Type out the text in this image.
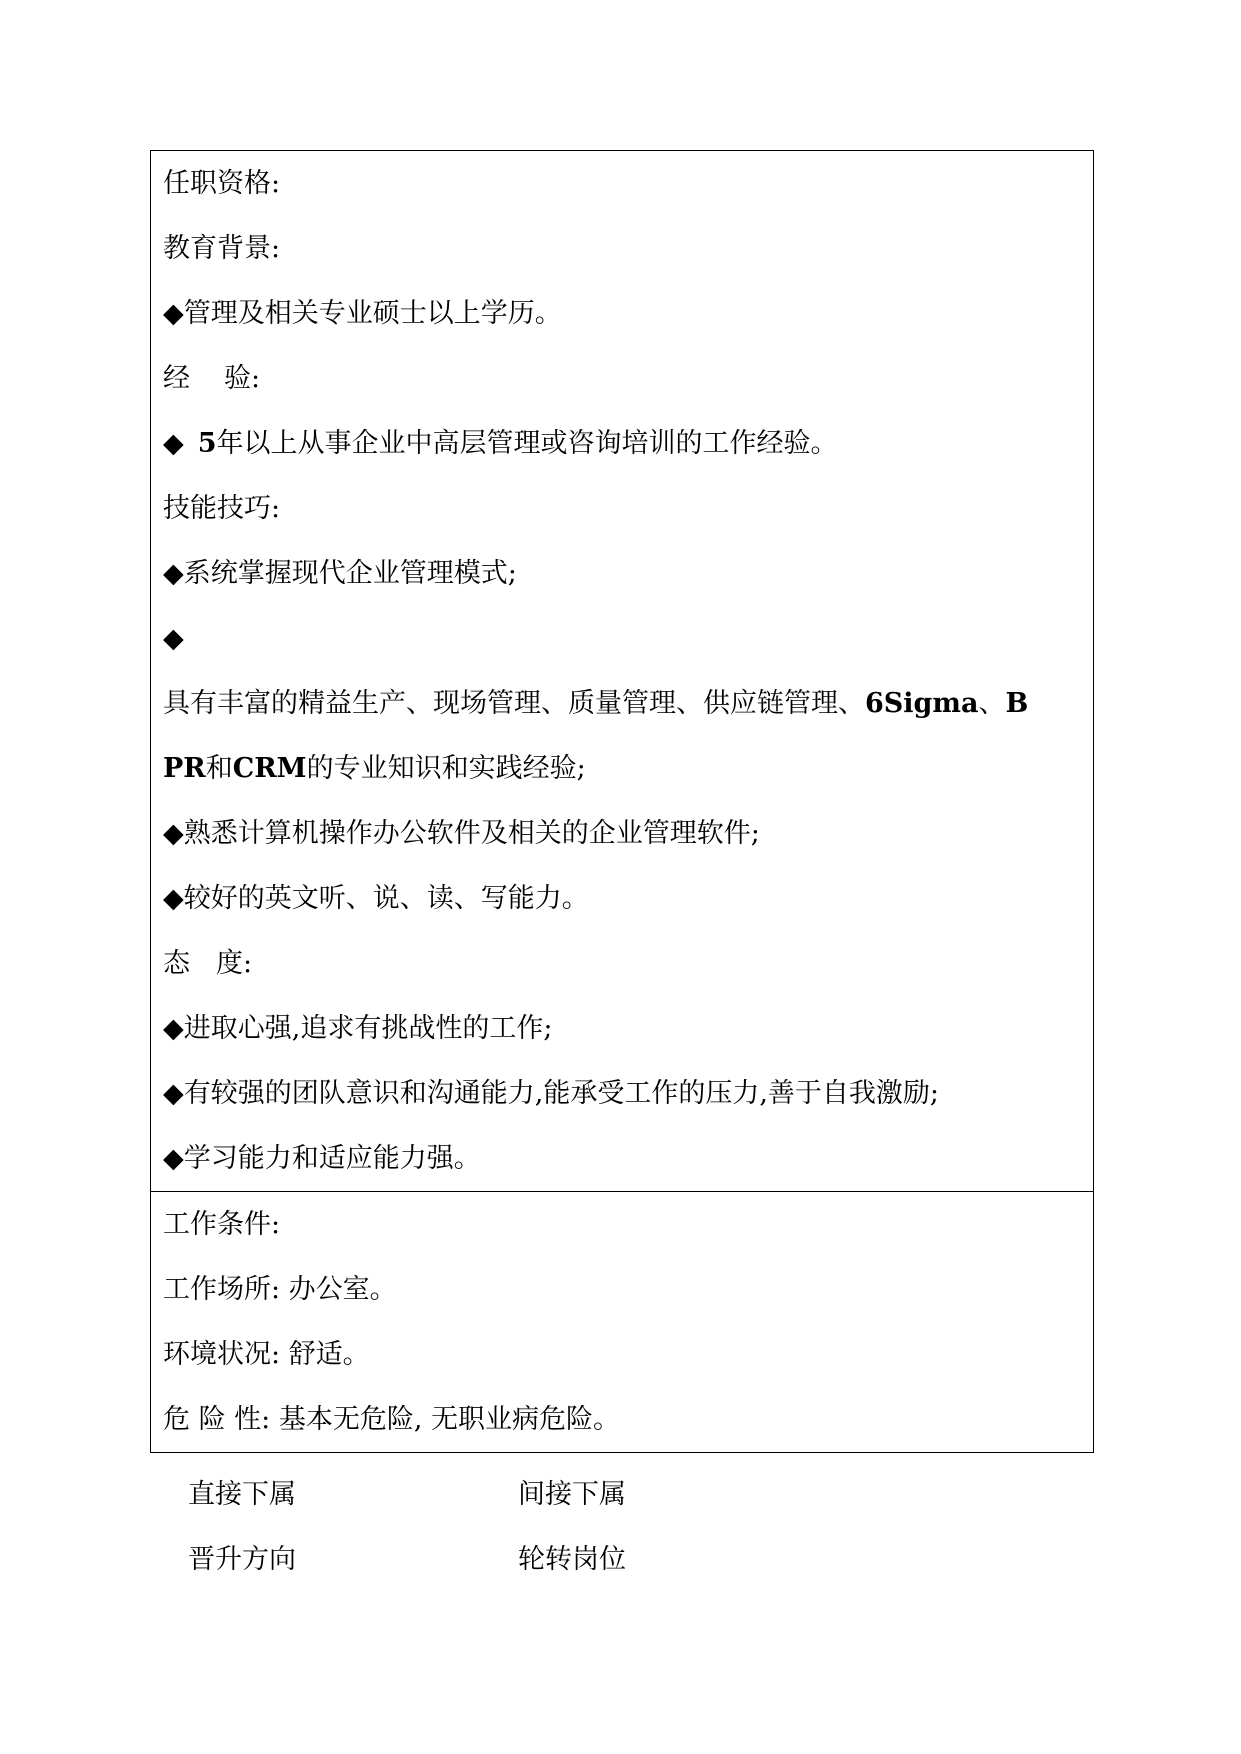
任职资格:
教育背景:
◆管理及相关专业硕士以上学历。
经 验:
◆ 5年以上从事企业中高层管理或咨询培训的工作经验。
技能技巧:
◆系统掌握现代企业管理模式;
◆
具有丰富的精益生产、现场管理、质量管理、供应链管理、6Sigma、B
PR和CRM的专业知识和实践经验;
◆熟悉计算机操作办公软件及相关的企业管理软件;
◆较好的英文听、说、读、写能力。
态 度:
◆进取心强,追求有挑战性的工作;
◆有较强的团队意识和沟通能力,能承受工作的压力,善于自我激励;
◆学习能力和适应能力强。
工作条件:
工作场所: 办公室。
环境状况: 舒适。
危 险 性: 基本无危险, 无职业病危险。
直接下属	间接下属
晋升方向	轮转岗位
